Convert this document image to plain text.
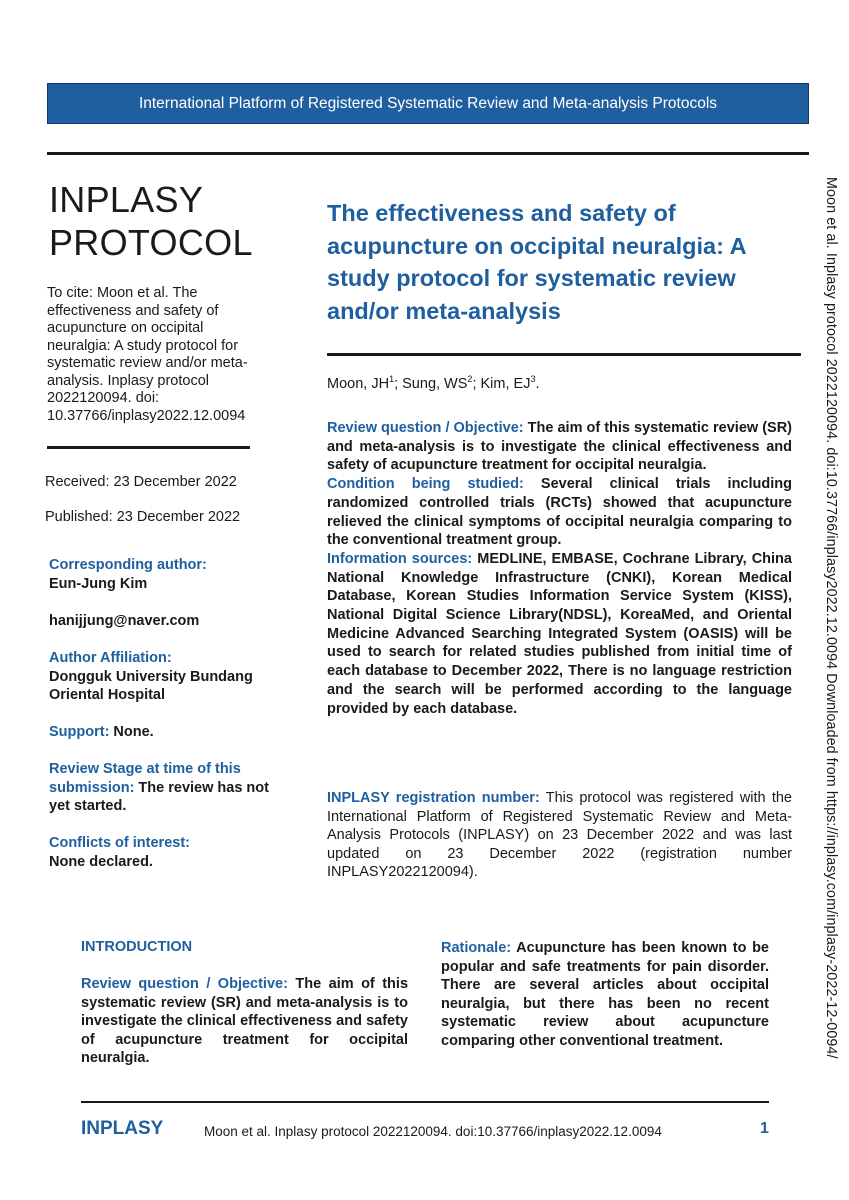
International Platform of Registered Systematic Review and Meta-analysis Protocols
INPLASY
PROTOCOL
To cite: Moon et al. The effectiveness and safety of acupuncture on occipital neuralgia: A study protocol for systematic review and/or meta-analysis. Inplasy protocol 2022120094. doi: 10.37766/inplasy2022.12.0094
Received: 23 December 2022
Published: 23 December 2022
Corresponding author:
Eun-Jung Kim
hanijjung@naver.com
Author Affiliation:
Dongguk University Bundang Oriental Hospital
Support: None.
Review Stage at time of this submission: The review has not yet started.
Conflicts of interest:
None declared.
The effectiveness and safety of acupuncture on occipital neuralgia: A study protocol for systematic review and/or meta-analysis
Moon, $JH^1$; Sung, $WS^2$; Kim, $EJ^3$.

Review question / Objective: The aim of this systematic review (SR) and meta-analysis is to investigate the clinical effectiveness and safety of acupuncture treatment for occipital neuralgia.

Condition being studied: Several clinical trials including randomized controlled trials (RCTs) showed that acupuncture relieved the clinical symptoms of occipital neuralgia comparing to the conventional treatment group.

Information sources: MEDLINE, EMBASE, Cochrane Library, China National Knowledge Infrastructure (CNKI), Korean Medical Database, Korean Studies Information Service System (KISS), National Digital Science Library(NDSL), KoreaMed, and Oriental Medicine Advanced Searching Integrated System (OASIS) will be used to search for related studies published from initial time of each database to December 2022, There is no language restriction and the search will be performed according to the language provided by each database.

INPLASY registration number: This protocol was registered with the International Platform of Registered Systematic Review and Meta-Analysis Protocols (INPLASY) on 23 December 2022 and was last updated on 23 December 2022 (registration number INPLASY2022120094).
INTRODUCTION
Review question / Objective: The aim of this systematic review (SR) and meta-analysis is to investigate the clinical effectiveness and safety of acupuncture treatment for occipital neuralgia.
Rationale: Acupuncture has been known to be popular and safe treatments for pain disorder. There are several articles about occipital neuralgia, but there has been no recent systematic review about acupuncture comparing other conventional treatment.
INPLASY	Moon et al. Inplasy protocol 2022120094. doi:10.37766/inplasy2022.12.0094	1
Moon et al. Inplasy protocol 2022120094. doi:10.37766/inplasy2022.12.0094 Downloaded from https://inplasy.com/inplasy-2022-12-0094/
